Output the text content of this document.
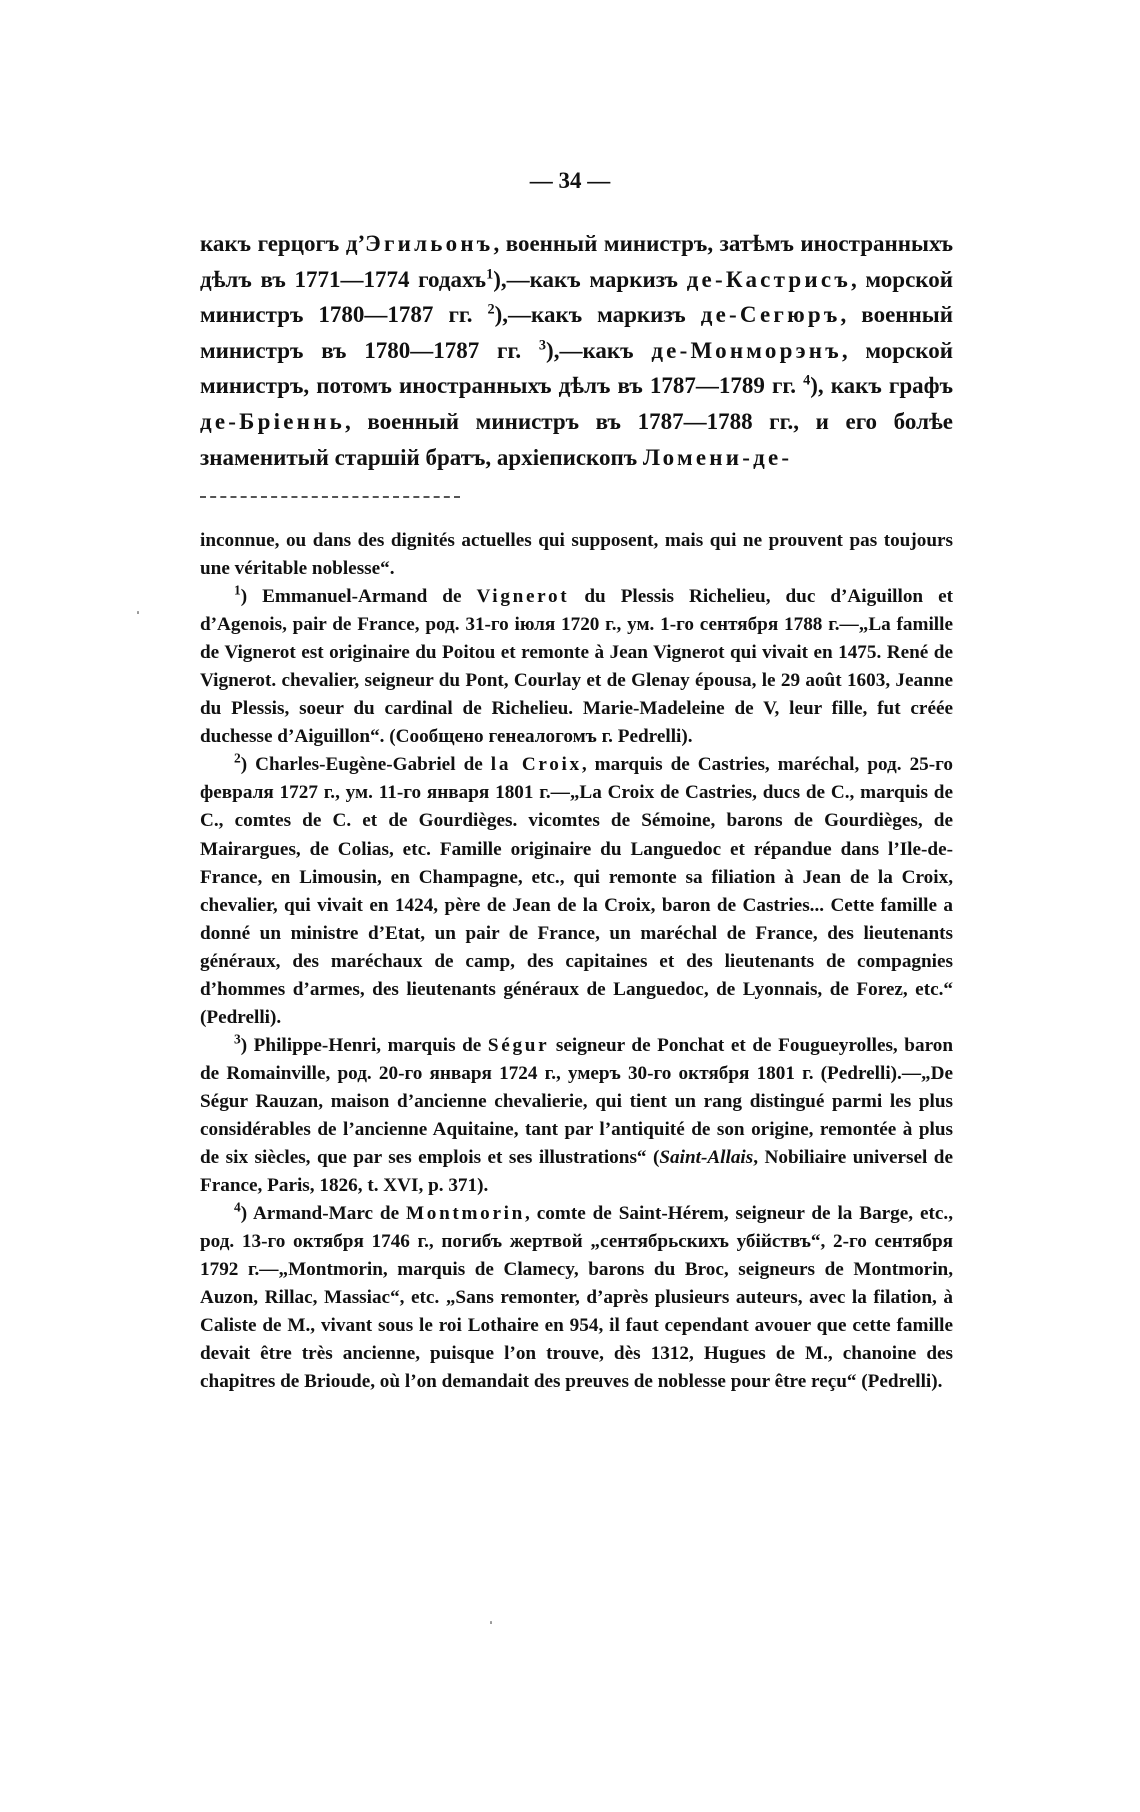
— 34 —

какъ герцогъ д’Эгильонъ, военный министръ, затѣмъ иностранныхъ дѣлъ въ 1771—1774 годахъ$^1$),—какъ маркизъ де-Кастрисъ, морской министръ 1780—1787 гг. $^2$),—какъ маркизъ де-Сегюръ, военный министръ въ 1780—1787 гг. $^3$),—какъ де-Монморэнъ, морской министръ, потомъ иностранныхъ дѣлъ въ 1787—1789 гг. $^4$), какъ графъ де-Бріеннь, военный министръ въ 1787—1788 гг., и его болѣе знаменитый старшій братъ, архіепископъ Ломени-де-

inconnue, ou dans des dignités actuelles qui supposent, mais qui ne prouvent pas toujours une véritable noblesse“.

$^1$) Emmanuel-Armand de Vignerot du Plessis Richelieu, duc d’Aiguillon et d’Agenois, pair de France, род. 31-го іюля 1720 г., ум. 1-го сентября 1788 г.—„La famille de Vignerot est originaire du Poitou et remonte à Jean Vignerot qui vivait en 1475. René de Vignerot. chevalier, seigneur du Pont, Courlay et de Glenay épousa, le 29 août 1603, Jeanne du Plessis, soeur du cardinal de Richelieu. Marie-Madeleine de V, leur fille, fut créée duchesse d’Aiguillon“. (Сообщено генеалогомъ г. Pedrelli).

$^2$) Charles-Eugène-Gabriel de la Croix, marquis de Castries, maréchal, род. 25-го февраля 1727 г., ум. 11-го января 1801 г.—„La Croix de Castries, ducs de C., marquis de C., comtes de C. et de Gourdièges. vicomtes de Sémoine, barons de Gourdièges, de Mairargues, de Colias, etc. Famille originaire du Languedoc et répandue dans l’Ile-de-France, en Limousin, en Champagne, etc., qui remonte sa filiation à Jean de la Croix, chevalier, qui vivait en 1424, père de Jean de la Croix, baron de Castries... Cette famille a donné un ministre d’Etat, un pair de France, un maréchal de France, des lieutenants généraux, des maréchaux de camp, des capitaines et des lieutenants de compagnies d’hommes d’armes, des lieutenants généraux de Languedoc, de Lyonnais, de Forez, etc.“ (Pedrelli).

$^3$) Philippe-Henri, marquis de Ségur seigneur de Ponchat et de Fougueyrolles, baron de Romainville, род. 20-го января 1724 г., умеръ 30-го октября 1801 г. (Pedrelli).—„De Ségur Rauzan, maison d’ancienne chevalierie, qui tient un rang distingué parmi les plus considérables de l’ancienne Aquitaine, tant par l’antiquité de son origine, remontée à plus de six siècles, que par ses emplois et ses illustrations“ (Saint-Allais, Nobiliaire universel de France, Paris, 1826, t. XVI, p. 371).

$^4$) Armand-Marc de Montmorin, comte de Saint-Hérem, seigneur de la Barge, etc., род. 13-го октября 1746 г., погибъ жертвой „сентябрьскихъ убійствъ“, 2-го сентября 1792 г.—„Montmorin, marquis de Clamecy, barons du Broc, seigneurs de Montmorin, Auzon, Rillac, Massiac“, etc. „Sans remonter, d’après plusieurs auteurs, avec la filation, à Caliste de M., vivant sous le roi Lothaire en 954, il faut cependant avouer que cette famille devait être très ancienne, puisque l’on trouve, dès 1312, Hugues de M., chanoine des chapitres de Brioude, où l’on demandait des preuves de noblesse pour être reçu“ (Pedrelli).

ˌ
ˌ
